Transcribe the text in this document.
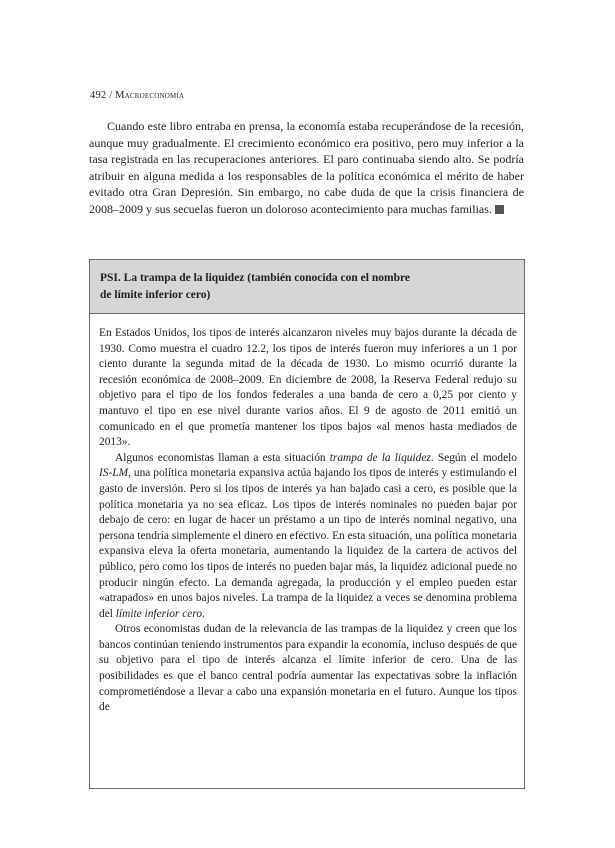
492 / Macroeconomía

Cuando este libro entraba en prensa, la economía estaba recuperándose de la recesión, aunque muy gradualmente. El crecimiento económico era positivo, pero muy inferior a la tasa registrada en las recuperaciones anteriores. El paro continuaba siendo alto. Se podría atribuir en alguna medida a los responsables de la política económica el mérito de haber evitado otra Gran Depresión. Sin embargo, no cabe duda de que la crisis financiera de 2008–2009 y sus secuelas fueron un doloroso acontecimiento para muchas familias.

PSI. La trampa de la liquidez (también conocida con el nombre
de límite inferior cero)

En Estados Unidos, los tipos de interés alcanzaron niveles muy bajos durante la década de 1930. Como muestra el cuadro 12.2, los tipos de interés fueron muy inferiores a un 1 por ciento durante la segunda mitad de la década de 1930. Lo mismo ocurrió durante la recesión económica de 2008–2009. En diciembre de 2008, la Reserva Federal redujo su objetivo para el tipo de los fondos federales a una banda de cero a 0,25 por ciento y mantuvo el tipo en ese nivel durante varios años. El 9 de agosto de 2011 emitió un comunicado en el que prometía mantener los tipos bajos «al menos hasta mediados de 2013».

Algunos economistas llaman a esta situación trampa de la liquidez. Según el modelo IS-LM, una política monetaria expansiva actúa bajando los tipos de interés y estimulando el gasto de inversión. Pero si los tipos de interés ya han bajado casi a cero, es posible que la política monetaria ya no sea eficaz. Los tipos de interés nominales no pueden bajar por debajo de cero: en lugar de hacer un préstamo a un tipo de interés nominal negativo, una persona tendría simplemente el dinero en efectivo. En esta situación, una política monetaria expansiva eleva la oferta monetaria, aumentando la liquidez de la cartera de activos del público, pero como los tipos de interés no pueden bajar más, la liquidez adicional puede no producir ningún efecto. La demanda agregada, la producción y el empleo pueden estar «atrapados» en unos bajos niveles. La trampa de la liquidez a veces se denomina problema del límite inferior cero.

Otros economistas dudan de la relevancia de las trampas de la liquidez y creen que los bancos continúan teniendo instrumentos para expandir la economía, incluso después de que su objetivo para el tipo de interés alcanza el límite inferior de cero. Una de las posibilidades es que el banco central podría aumentar las expectativas sobre la inflación comprometiéndose a llevar a cabo una expansión monetaria en el futuro. Aunque los tipos de
